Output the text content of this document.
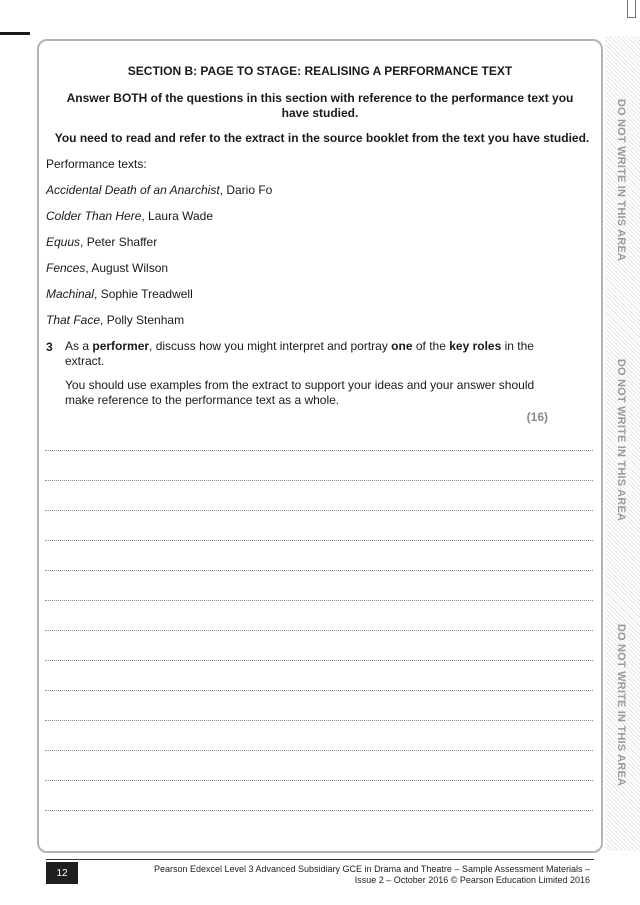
DO NOT WRITE IN THIS AREA
DO NOT WRITE IN THIS AREA
DO NOT WRITE IN THIS AREA
SECTION B: PAGE TO STAGE: REALISING A PERFORMANCE TEXT
Answer BOTH of the questions in this section with reference to the performance text you have studied.
You need to read and refer to the extract in the source booklet from the text you have studied.
Performance texts:
Accidental Death of an Anarchist, Dario Fo
Colder Than Here, Laura Wade
Equus, Peter Shaffer
Fences, August Wilson
Machinal, Sophie Treadwell
That Face, Polly Stenham
3 As a performer, discuss how you might interpret and portray one of the key roles in the extract.
You should use examples from the extract to support your ideas and your answer should make reference to the performance text as a whole.
(16)
12	Pearson Edexcel Level 3 Advanced Subsidiary GCE in Drama and Theatre – Sample Assessment Materials –
Issue 2 – October 2016 © Pearson Education Limited 2016
